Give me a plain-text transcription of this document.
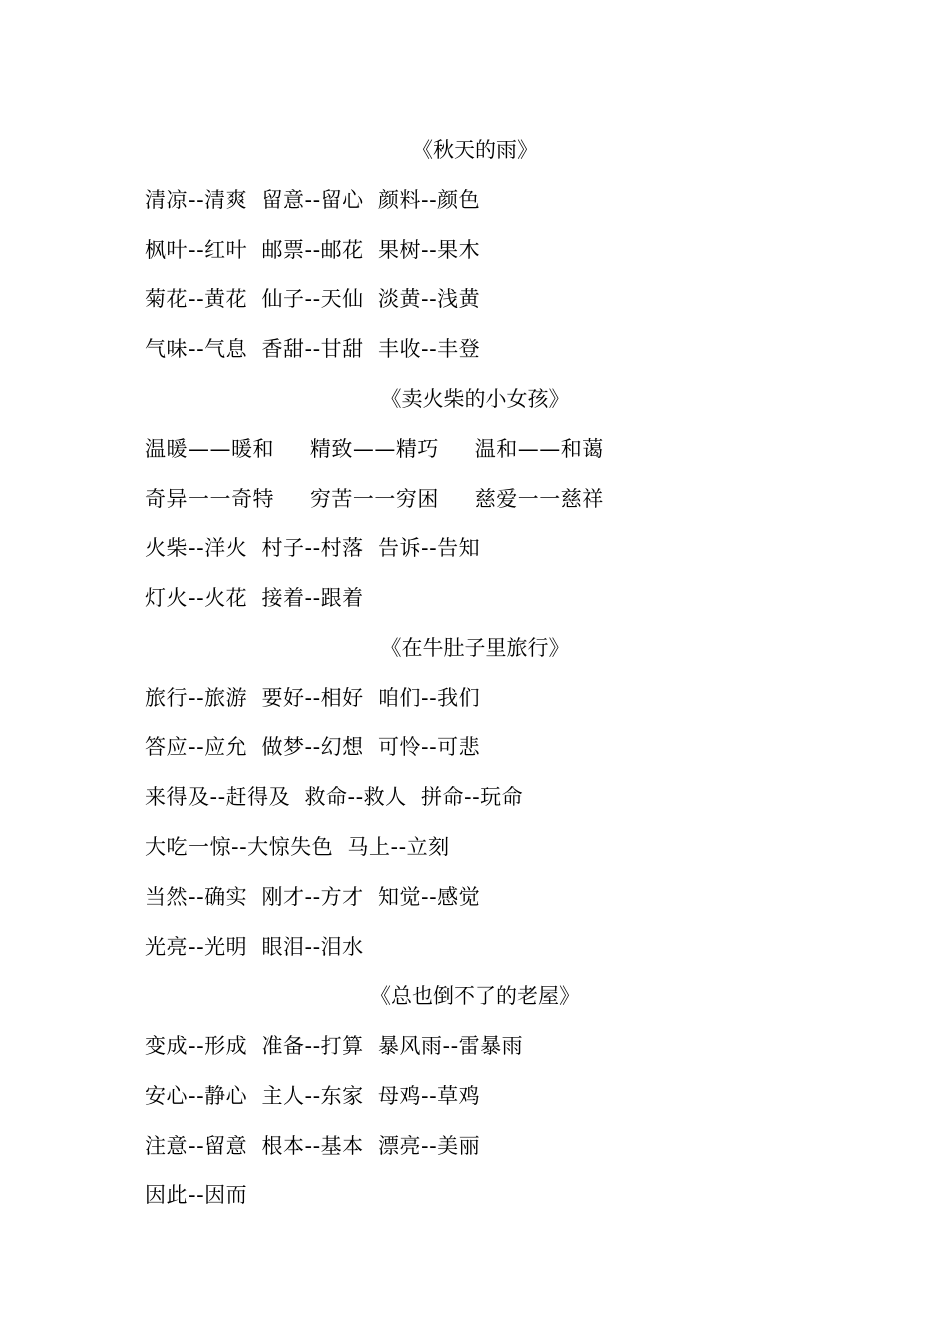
《秋天的雨》
清凉--清爽  留意--留心  颜料--颜色
枫叶--红叶  邮票--邮花  果树--果木
菊花--黄花  仙子--天仙  淡黄--浅黄
气味--气息  香甜--甘甜  丰收--丰登
《卖火柴的小女孩》
温暖——暖和     精致——精巧     温和——和蔼
奇异一一奇特     穷苦一一穷困     慈爱一一慈祥
火柴--洋火  村子--村落  告诉--告知
灯火--火花  接着--跟着
《在牛肚子里旅行》
旅行--旅游  要好--相好  咱们--我们
答应--应允  做梦--幻想  可怜--可悲
来得及--赶得及  救命--救人  拼命--玩命
大吃一惊--大惊失色  马上--立刻
当然--确实  刚才--方才  知觉--感觉
光亮--光明  眼泪--泪水
《总也倒不了的老屋》
变成--形成  准备--打算  暴风雨--雷暴雨
安心--静心  主人--东家  母鸡--草鸡
注意--留意  根本--基本  漂亮--美丽
因此--因而
